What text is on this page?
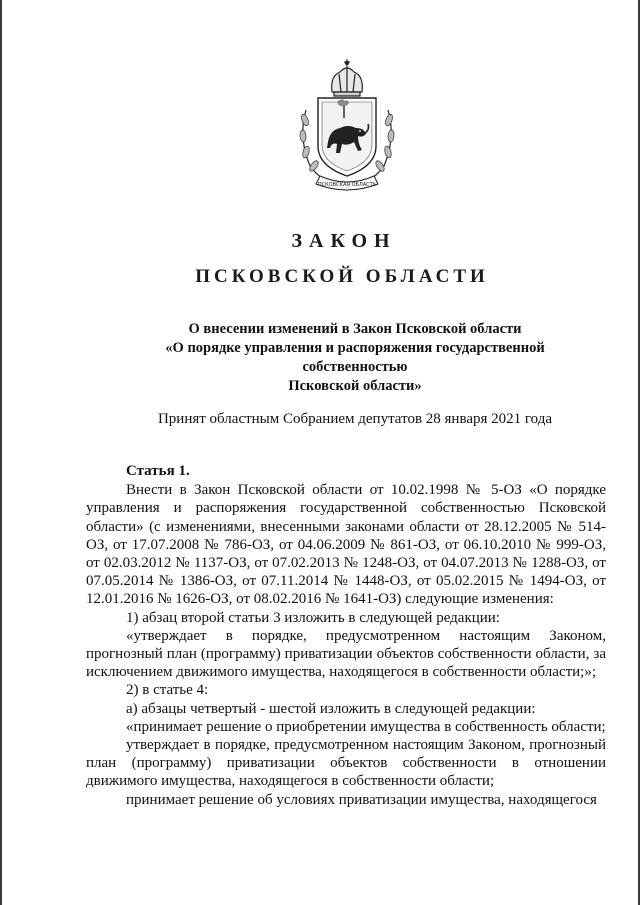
ПСКОВСКАЯ ОБЛАСТЬ
ЗАКОН
ПСКОВСКОЙ ОБЛАСТИ
О внесении изменений в Закон Псковской области
«О порядке управления и распоряжения государственной собственностью
Псковской области»
Принят областным Собранием депутатов 28 января 2021 года

Статья 1.

Внести в Закон Псковской области от 10.02.1998 № 5-ОЗ «О порядке управления и распоряжения государственной собственностью Псковской области» (с изменениями, внесенными законами области от 28.12.2005 № 514-ОЗ, от 17.07.2008 № 786-ОЗ, от 04.06.2009 № 861-ОЗ, от 06.10.2010 № 999-ОЗ, от 02.03.2012 № 1137-ОЗ, от 07.02.2013 № 1248-ОЗ, от 04.07.2013 № 1288-ОЗ, от 07.05.2014 № 1386-ОЗ, от 07.11.2014 № 1448-ОЗ, от 05.02.2015 № 1494-ОЗ, от 12.01.2016 № 1626-ОЗ, от 08.02.2016 № 1641-ОЗ) следующие изменения:

1) абзац второй статьи 3 изложить в следующей редакции:

«утверждает в порядке, предусмотренном настоящим Законом, прогнозный план (программу) приватизации объектов собственности области, за исключением движимого имущества, находящегося в собственности области;»;

2) в статье 4:

а) абзацы четвертый - шестой изложить в следующей редакции:

«принимает решение о приобретении имущества в собственность области;

утверждает в порядке, предусмотренном настоящим Законом, прогнозный план (программу) приватизации объектов собственности в отношении движимого имущества, находящегося в собственности области;

принимает решение об условиях приватизации имущества, находящегося
